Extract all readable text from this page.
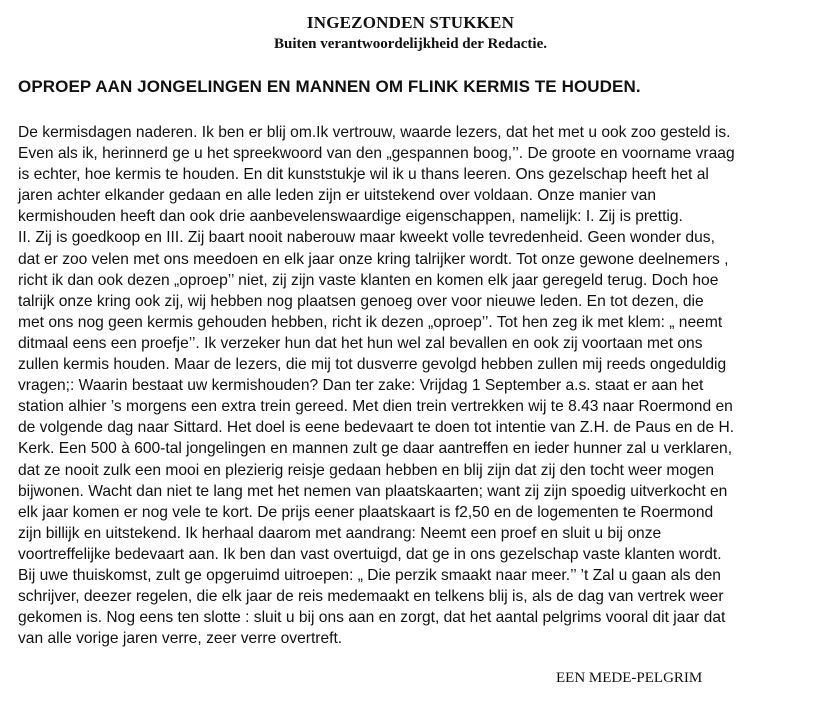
INGEZONDEN STUKKEN
Buiten verantwoordelijkheid der Redactie.
OPROEP AAN JONGELINGEN EN MANNEN OM FLINK KERMIS TE HOUDEN.
De kermisdagen naderen. Ik ben er blij om.Ik vertrouw, waarde lezers, dat het met u ook zoo gesteld is.
Even als ik, herinnerd ge u het spreekwoord van den „gespannen boog,’’. De groote en voorname vraag
is echter, hoe kermis te houden. En dit kunststukje wil ik u thans leeren. Ons gezelschap heeft het al
jaren achter elkander gedaan en alle leden zijn er uitstekend over voldaan. Onze manier van
kermishouden heeft dan ook drie aanbevelenswaardige eigenschappen, namelijk: I. Zij is prettig.
II. Zij is goedkoop en III. Zij baart nooit naberouw maar kweekt volle tevredenheid. Geen wonder dus,
dat er zoo velen met ons meedoen en elk jaar onze kring talrijker wordt. Tot onze gewone deelnemers ,
richt ik dan ook dezen „oproep’’ niet, zij zijn vaste klanten en komen elk jaar geregeld terug. Doch hoe
talrijk onze kring ook zij, wij hebben nog plaatsen genoeg over voor nieuwe leden. En tot dezen, die
met ons nog geen kermis gehouden hebben, richt ik dezen „oproep’’. Tot hen zeg ik met klem: „ neemt
ditmaal eens een proefje’’. Ik verzeker hun dat het hun wel zal bevallen en ook zij voortaan met ons
zullen kermis houden. Maar de lezers, die mij tot dusverre gevolgd hebben zullen mij reeds ongeduldig
vragen;: Waarin bestaat uw kermishouden? Dan ter zake: Vrijdag 1 September a.s. staat er aan het
station alhier ’s morgens een extra trein gereed. Met dien trein vertrekken wij te 8.43 naar Roermond en
de volgende dag naar Sittard. Het doel is eene bedevaart te doen tot intentie van Z.H. de Paus en de H.
Kerk. Een 500 à 600-tal jongelingen en mannen zult ge daar aantreffen en ieder hunner zal u verklaren,
dat ze nooit zulk een mooi en plezierig reisje gedaan hebben en blij zijn dat zij den tocht weer mogen
bijwonen. Wacht dan niet te lang met het nemen van plaatskaarten; want zij zijn spoedig uitverkocht en
elk jaar komen er nog vele te kort. De prijs eener plaatskaart is f2,50 en de logementen te Roermond
zijn billijk en uitstekend. Ik herhaal daarom met aandrang: Neemt een proef en sluit u bij onze
voortreffelijke bedevaart aan. Ik ben dan vast overtuigd, dat ge in ons gezelschap vaste klanten wordt.
Bij uwe thuiskomst, zult ge opgeruimd uitroepen: „ Die perzik smaakt naar meer.’’ ’t Zal u gaan als den
schrijver, deezer regelen, die elk jaar de reis medemaakt en telkens blij is, als de dag van vertrek weer
gekomen is. Nog eens ten slotte : sluit u bij ons aan en zorgt, dat het aantal pelgrims vooral dit jaar dat
van alle vorige jaren verre, zeer verre overtreft.
EEN MEDE-PELGRIM
